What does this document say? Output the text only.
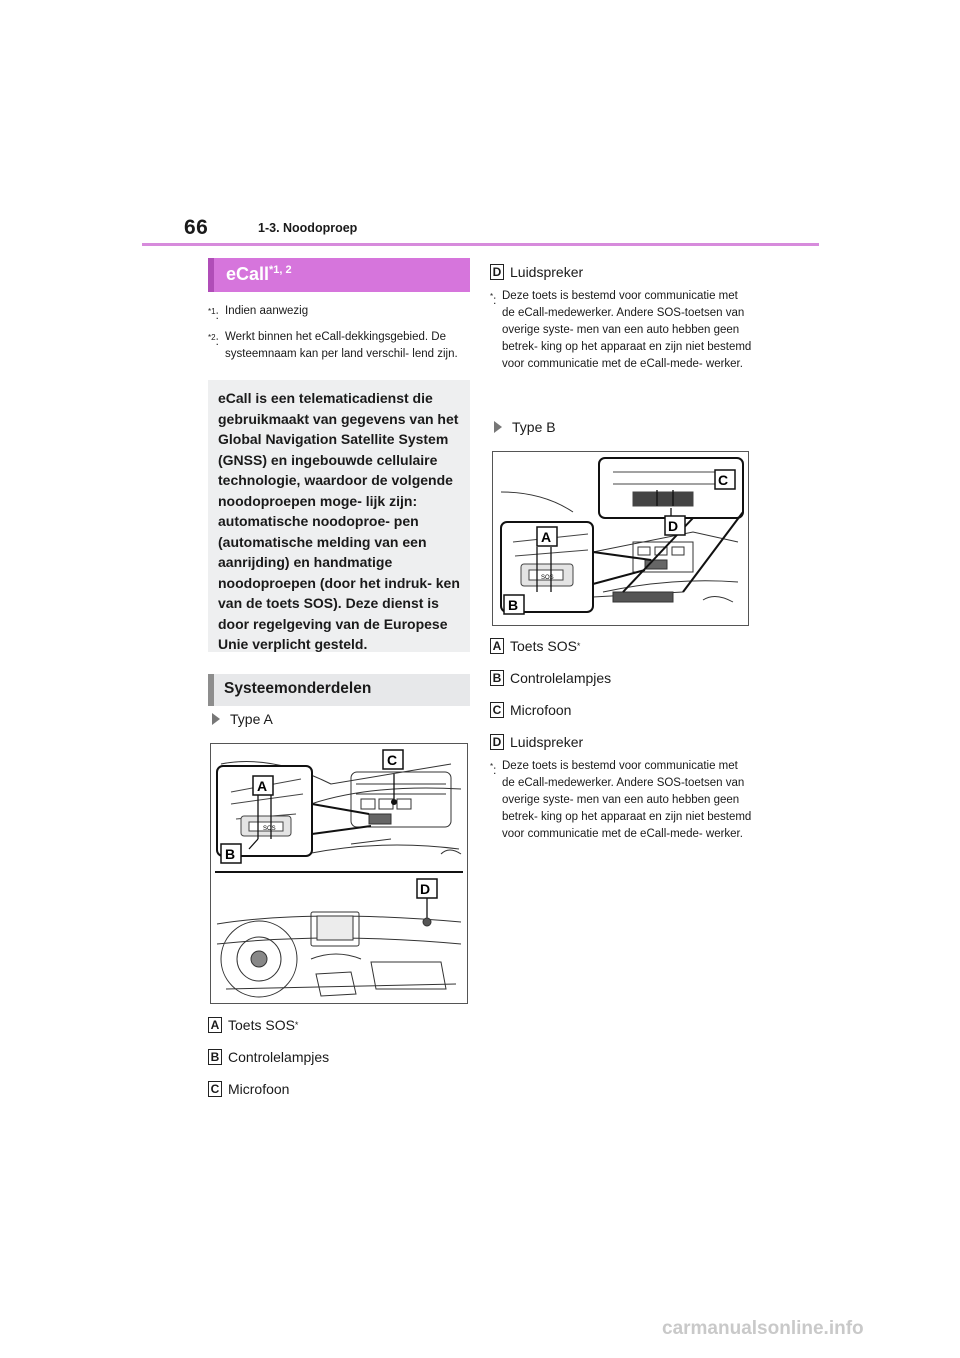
66	1-3. Noodoproep
eCall$^{*1, 2}$
$^{*1}$: Indien aanwezig
$^{*2}$: Werkt binnen het eCall-dekkingsgebied. De systeemnaam kan per land verschil- lend zijn.
eCall is een telematicadienst die gebruikmaakt van gegevens van het Global Navigation Satellite System (GNSS) en ingebouwde cellulaire technologie, waardoor de volgende noodoproepen moge- lijk zijn: automatische noodoproe- pen (automatische melding van een aanrijding) en handmatige noodoproepen (door het indruk- ken van de toets SOS). Deze dienst is door regelgeving van de Europese Unie verplicht gesteld.
Systeemonderdelen
Type A
SOS
A
B
C
D
A Toets SOS *
B Controlelampjes
C Microfoon
D Luidspreker
*: Deze toets is bestemd voor communicatie met de eCall-medewerker. Andere SOS-toetsen van overige syste- men van een auto hebben geen betrek- king op het apparaat en zijn niet bestemd voor communicatie met de eCall-mede- werker.
Type B
SOS
A
B
C
D
A Toets SOS *
B Controlelampjes
C Microfoon
D Luidspreker
*: Deze toets is bestemd voor communicatie met de eCall-medewerker. Andere SOS-toetsen van overige syste- men van een auto hebben geen betrek- king op het apparaat en zijn niet bestemd voor communicatie met de eCall-mede- werker.
carmanualsonline.info
